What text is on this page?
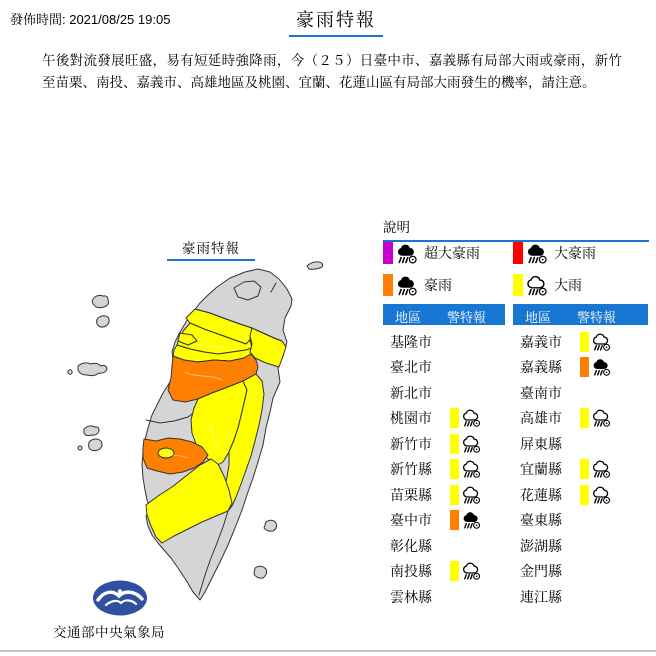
發佈時間: 2021/08/25 19:05	豪雨特報
午後對流發展旺盛，易有短延時強降雨，今（２５）日臺中市、嘉義縣有局部大雨或豪雨，新竹至苗栗、南投、嘉義市、高雄地區及桃園、宜蘭、花蓮山區有局部大雨發生的機率，請注意。
豪雨特報
說明
超大豪雨	大豪雨
豪雨	大雨
地區 警特報
基隆市
臺北市
新北市
桃園市
新竹市
新竹縣
苗栗縣
臺中市
彰化縣
南投縣
雲林縣
地區 警特報
嘉義市
嘉義縣
臺南市
高雄市
屏東縣
宜蘭縣
花蓮縣
臺東縣
澎湖縣
金門縣
連江縣
交通部中央氣象局
